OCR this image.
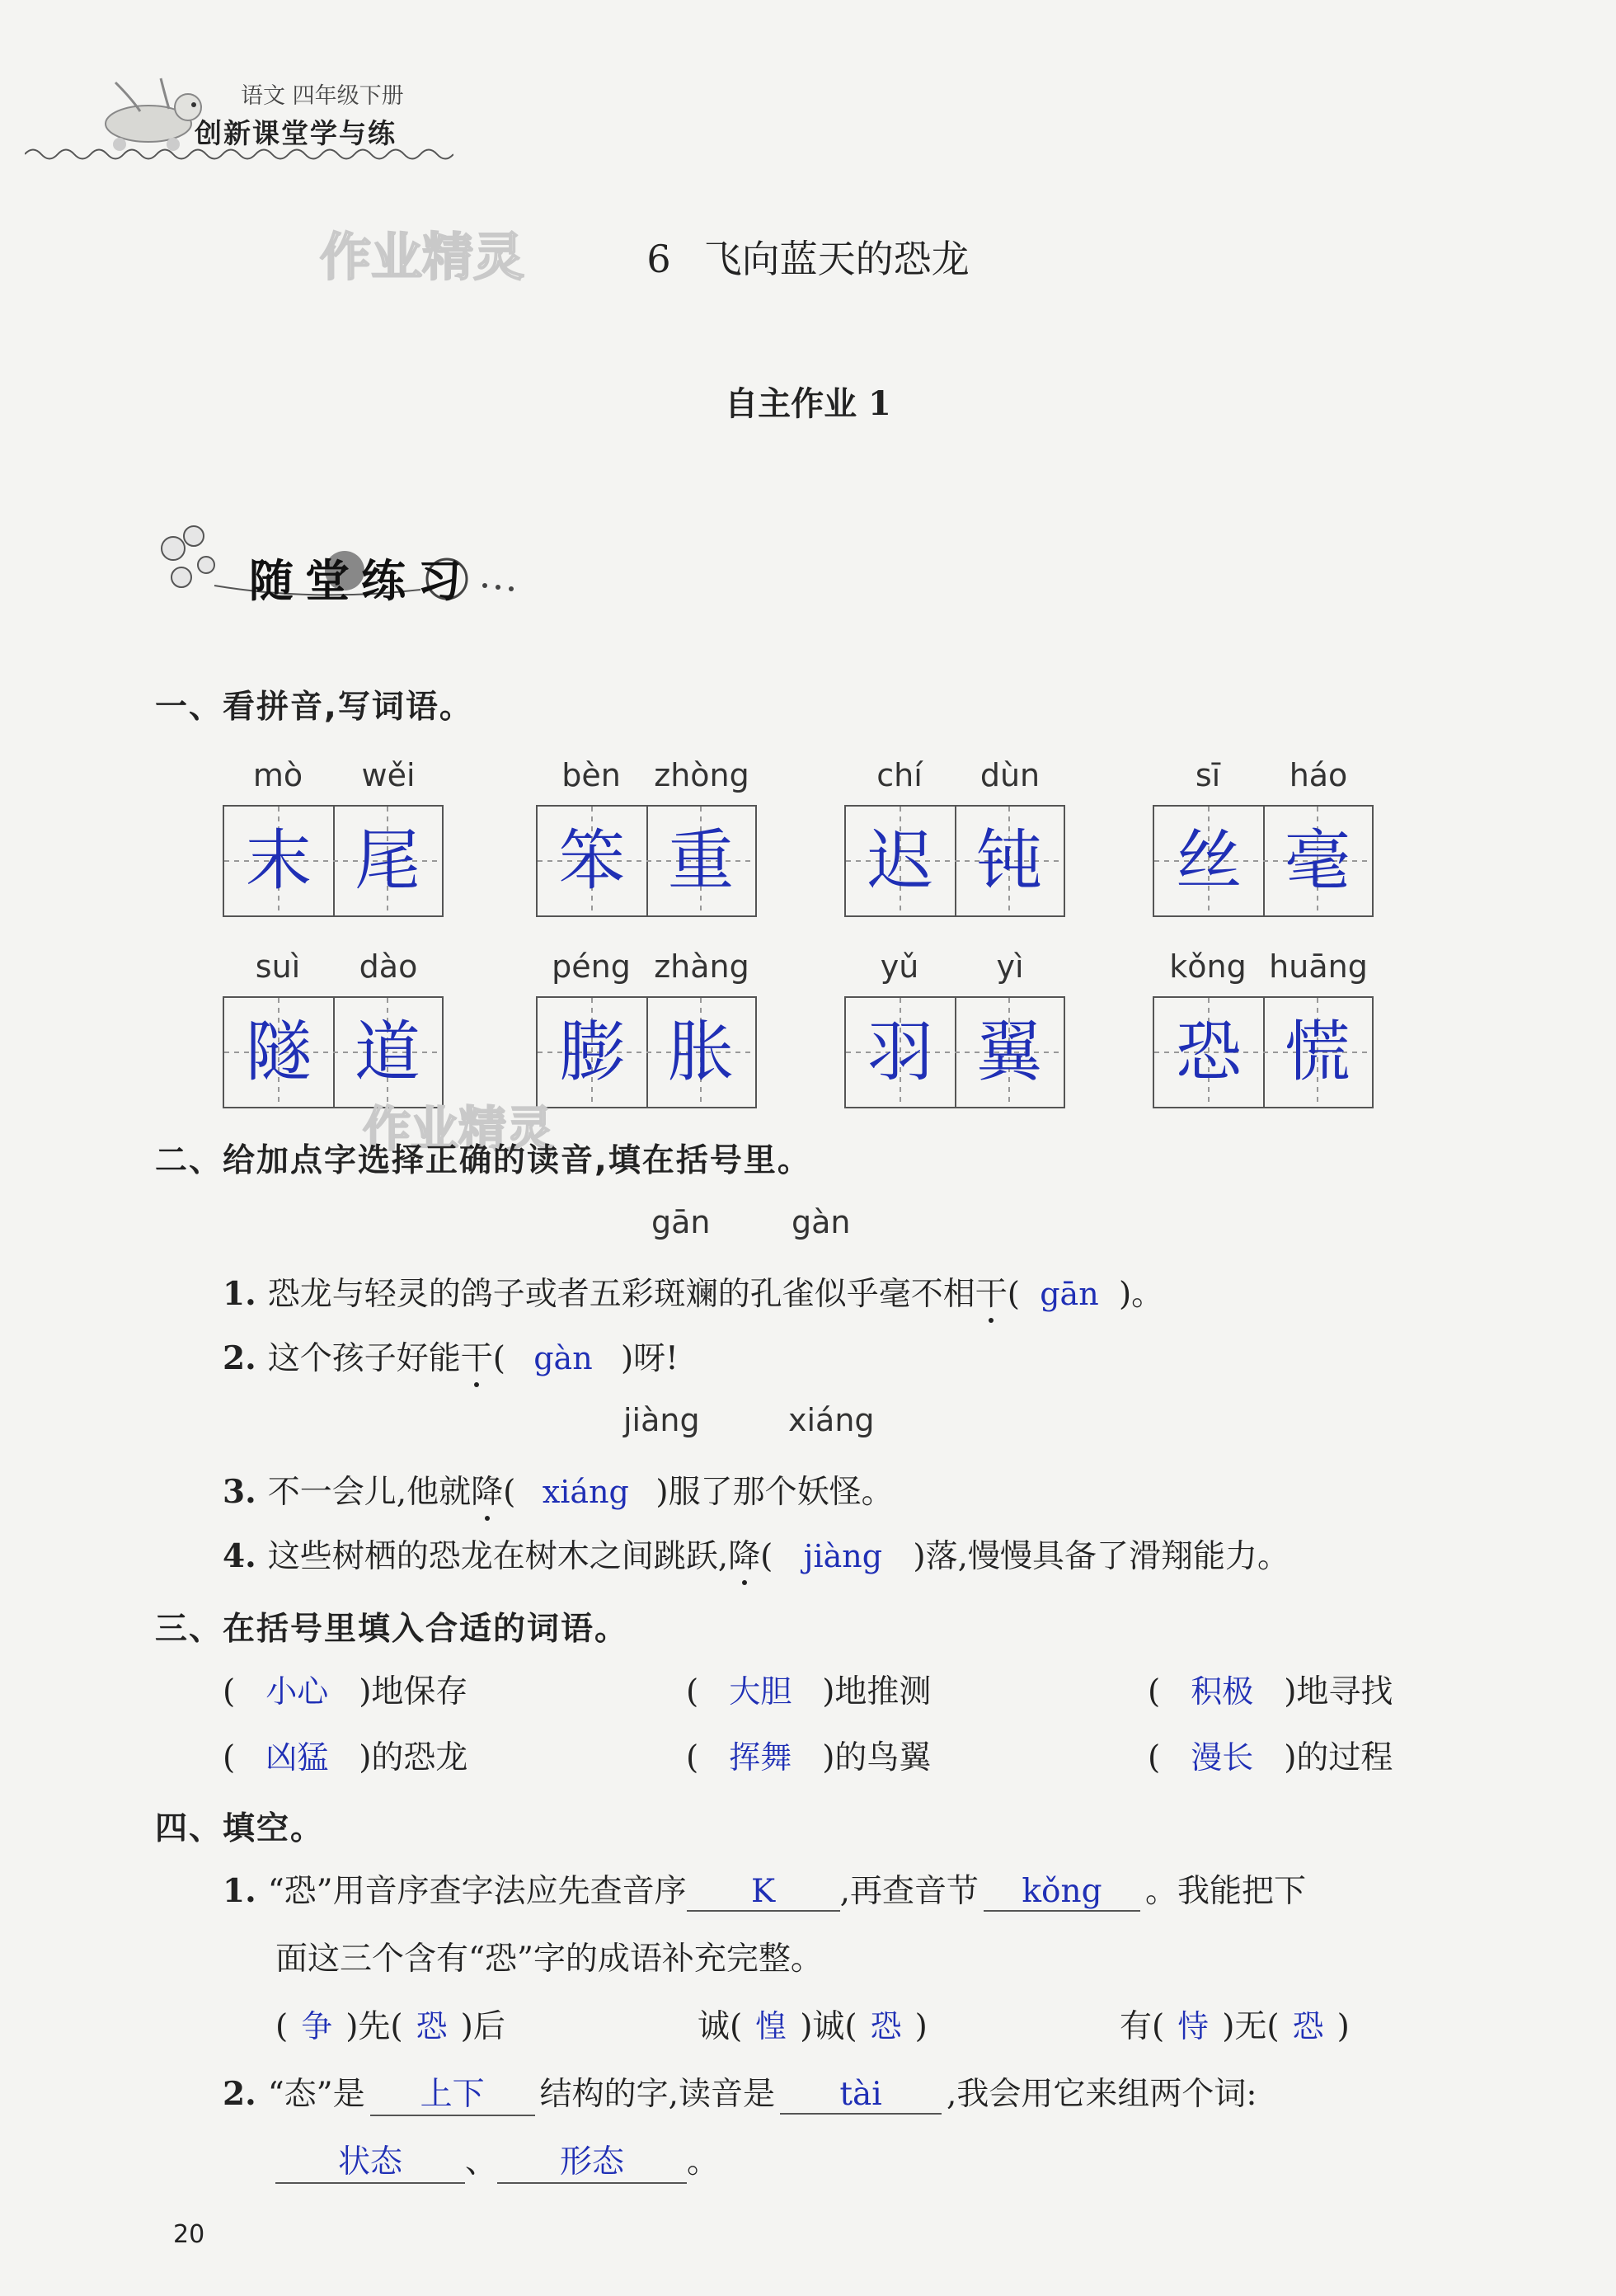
语文 四年级下册
创新课堂学与练
作业精灵	6 飞向蓝天的恐龙
自主作业 1
随堂练习
一、看拼音,写词语。
mò	wěi
末 尾
bèn	zhòng
笨 重
chí	dùn
迟 钝
sī	háo
丝 毫
suì	dào
隧 道
péng zhàng
膨 胀
yǔ	yì
羽 翼
kǒng huāng
恐 慌
作业精灵
二、给加点字选择正确的读音,填在括号里。
gān	gàn
1. 恐龙与轻灵的鸽子或者五彩斑斓的孔雀似乎毫不相干( gān )。
2. 这个孩子好能干( gàn )呀!
jiàng	xiáng
3. 不一会儿,他就降( xiáng )服了那个妖怪。
4. 这些树栖的恐龙在树木之间跳跃,降( jiàng )落,慢慢具备了滑翔能力。
三、在括号里填入合适的词语。
( 小心 )地保存	( 大胆 )地推测	( 积极 )地寻找
( 凶猛 )的恐龙	( 挥舞 )的鸟翼	( 漫长 )的过程
四、填空。
1. “恐”用音序查字法应先查音序 K ,再查音节 kǒng 。我能把下
面这三个含有“恐”字的成语补充完整。
( 争 )先( 恐 )后	诚( 惶 )诚( 恐 )	有( 恃 )无( 恐 )
2. “态”是 上下 结构的字,读音是 tài ,我会用它来组两个词:
状态 、 形态 。
20
